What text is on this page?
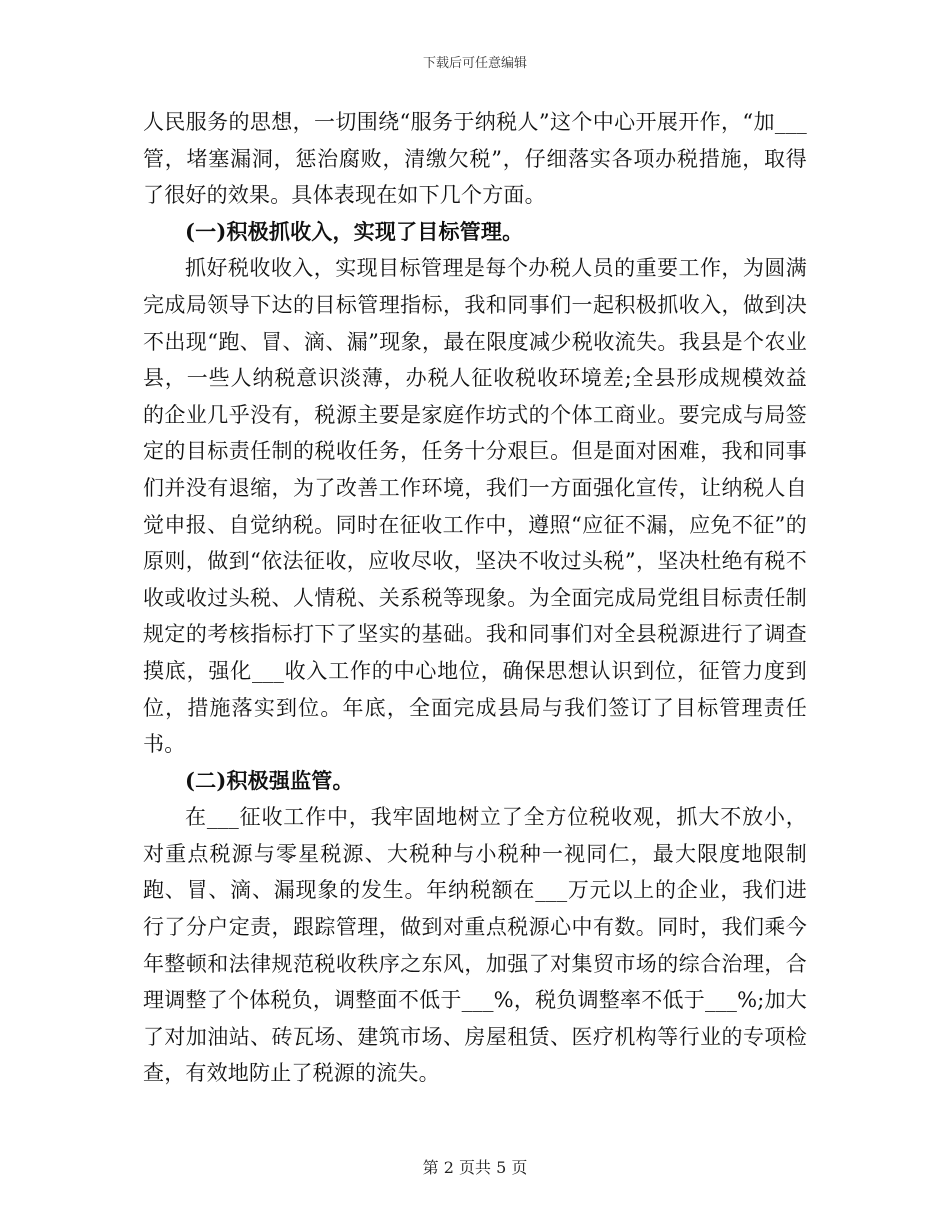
下载后可任意编辑

人民服务的思想，一切围绕“服务于纳税人”这个中心开展开作，“加___管，堵塞漏洞，惩治腐败，清缴欠税”，仔细落实各项办税措施，取得了很好的效果。具体表现在如下几个方面。

(一)积极抓收入，实现了目标管理。

抓好税收收入，实现目标管理是每个办税人员的重要工作，为圆满完成局领导下达的目标管理指标，我和同事们一起积极抓收入，做到决不出现“跑、冒、滴、漏”现象，最在限度减少税收流失。我县是个农业县，一些人纳税意识淡薄，办税人征收税收环境差;全县形成规模效益的企业几乎没有，税源主要是家庭作坊式的个体工商业。要完成与局签定的目标责任制的税收任务，任务十分艰巨。但是面对困难，我和同事们并没有退缩，为了改善工作环境，我们一方面强化宣传，让纳税人自觉申报、自觉纳税。同时在征收工作中，遵照“应征不漏，应免不征”的原则，做到“依法征收，应收尽收，坚决不收过头税”，坚决杜绝有税不收或收过头税、人情税、关系税等现象。为全面完成局党组目标责任制规定的考核指标打下了坚实的基础。我和同事们对全县税源进行了调查摸底，强化___收入工作的中心地位，确保思想认识到位，征管力度到位，措施落实到位。年底，全面完成县局与我们签订了目标管理责任书。

(二)积极强监管。

在___征收工作中，我牢固地树立了全方位税收观，抓大不放小，对重点税源与零星税源、大税种与小税种一视同仁，最大限度地限制跑、冒、滴、漏现象的发生。年纳税额在___万元以上的企业，我们进行了分户定责，跟踪管理，做到对重点税源心中有数。同时，我们乘今年整顿和法律规范税收秩序之东风，加强了对集贸市场的综合治理，合理调整了个体税负，调整面不低于___%，税负调整率不低于___%;加大了对加油站、砖瓦场、建筑市场、房屋租赁、医疗机构等行业的专项检查，有效地防止了税源的流失。

第 2 页共 5 页
